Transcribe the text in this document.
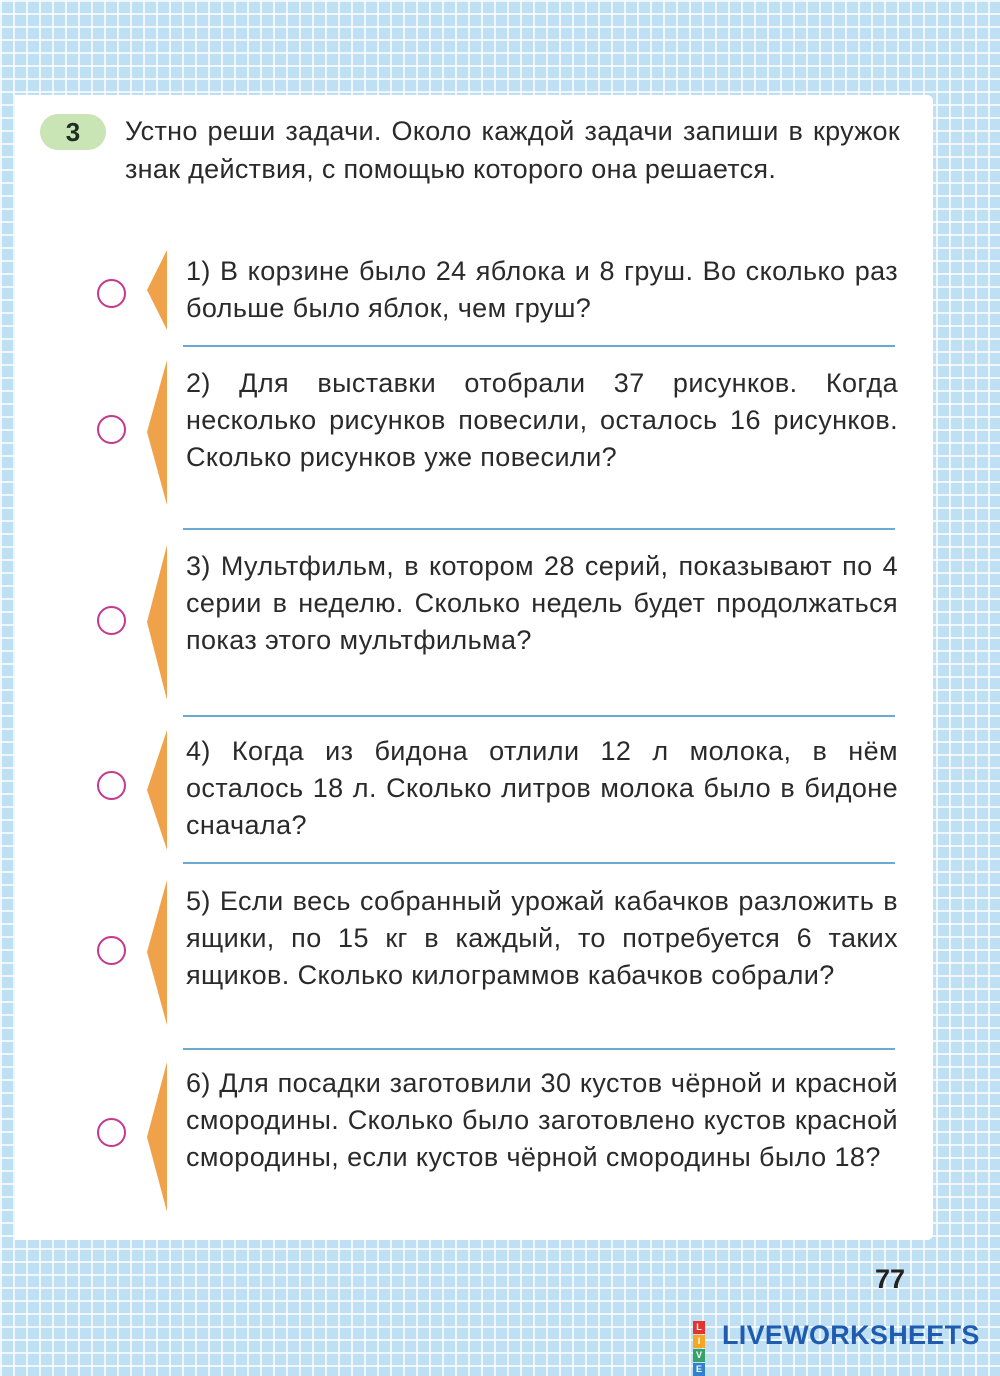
3	Устно реши задачи. Около каждой задачи запиши в кружок знак действия, с помощью которого она решается.
1) В корзине было 24 яблока и 8 груш. Во сколько раз больше было яблок, чем груш?
2) Для выставки отобрали 37 рисунков. Когда несколько рисунков повесили, осталось 16 рисунков. Сколько рисунков уже повесили?
3) Мультфильм, в котором 28 серий, показывают по 4 серии в неделю. Сколько недель будет продолжаться показ этого мультфильма?
4) Когда из бидона отлили 12 л молока, в нём осталось 18 л. Сколько литров молока было в бидоне сначала?
5) Если весь собранный урожай кабачков разложить в ящики, по 15 кг в каждый, то потребуется 6 таких ящиков. Сколько килограммов кабачков собрали?
6) Для посадки заготовили 30 кустов чёрной и красной смородины. Сколько было заготовлено кустов красной смородины, если кустов чёрной смородины было 18?
77
L
I
V
E
LIVEWORKSHEETS
